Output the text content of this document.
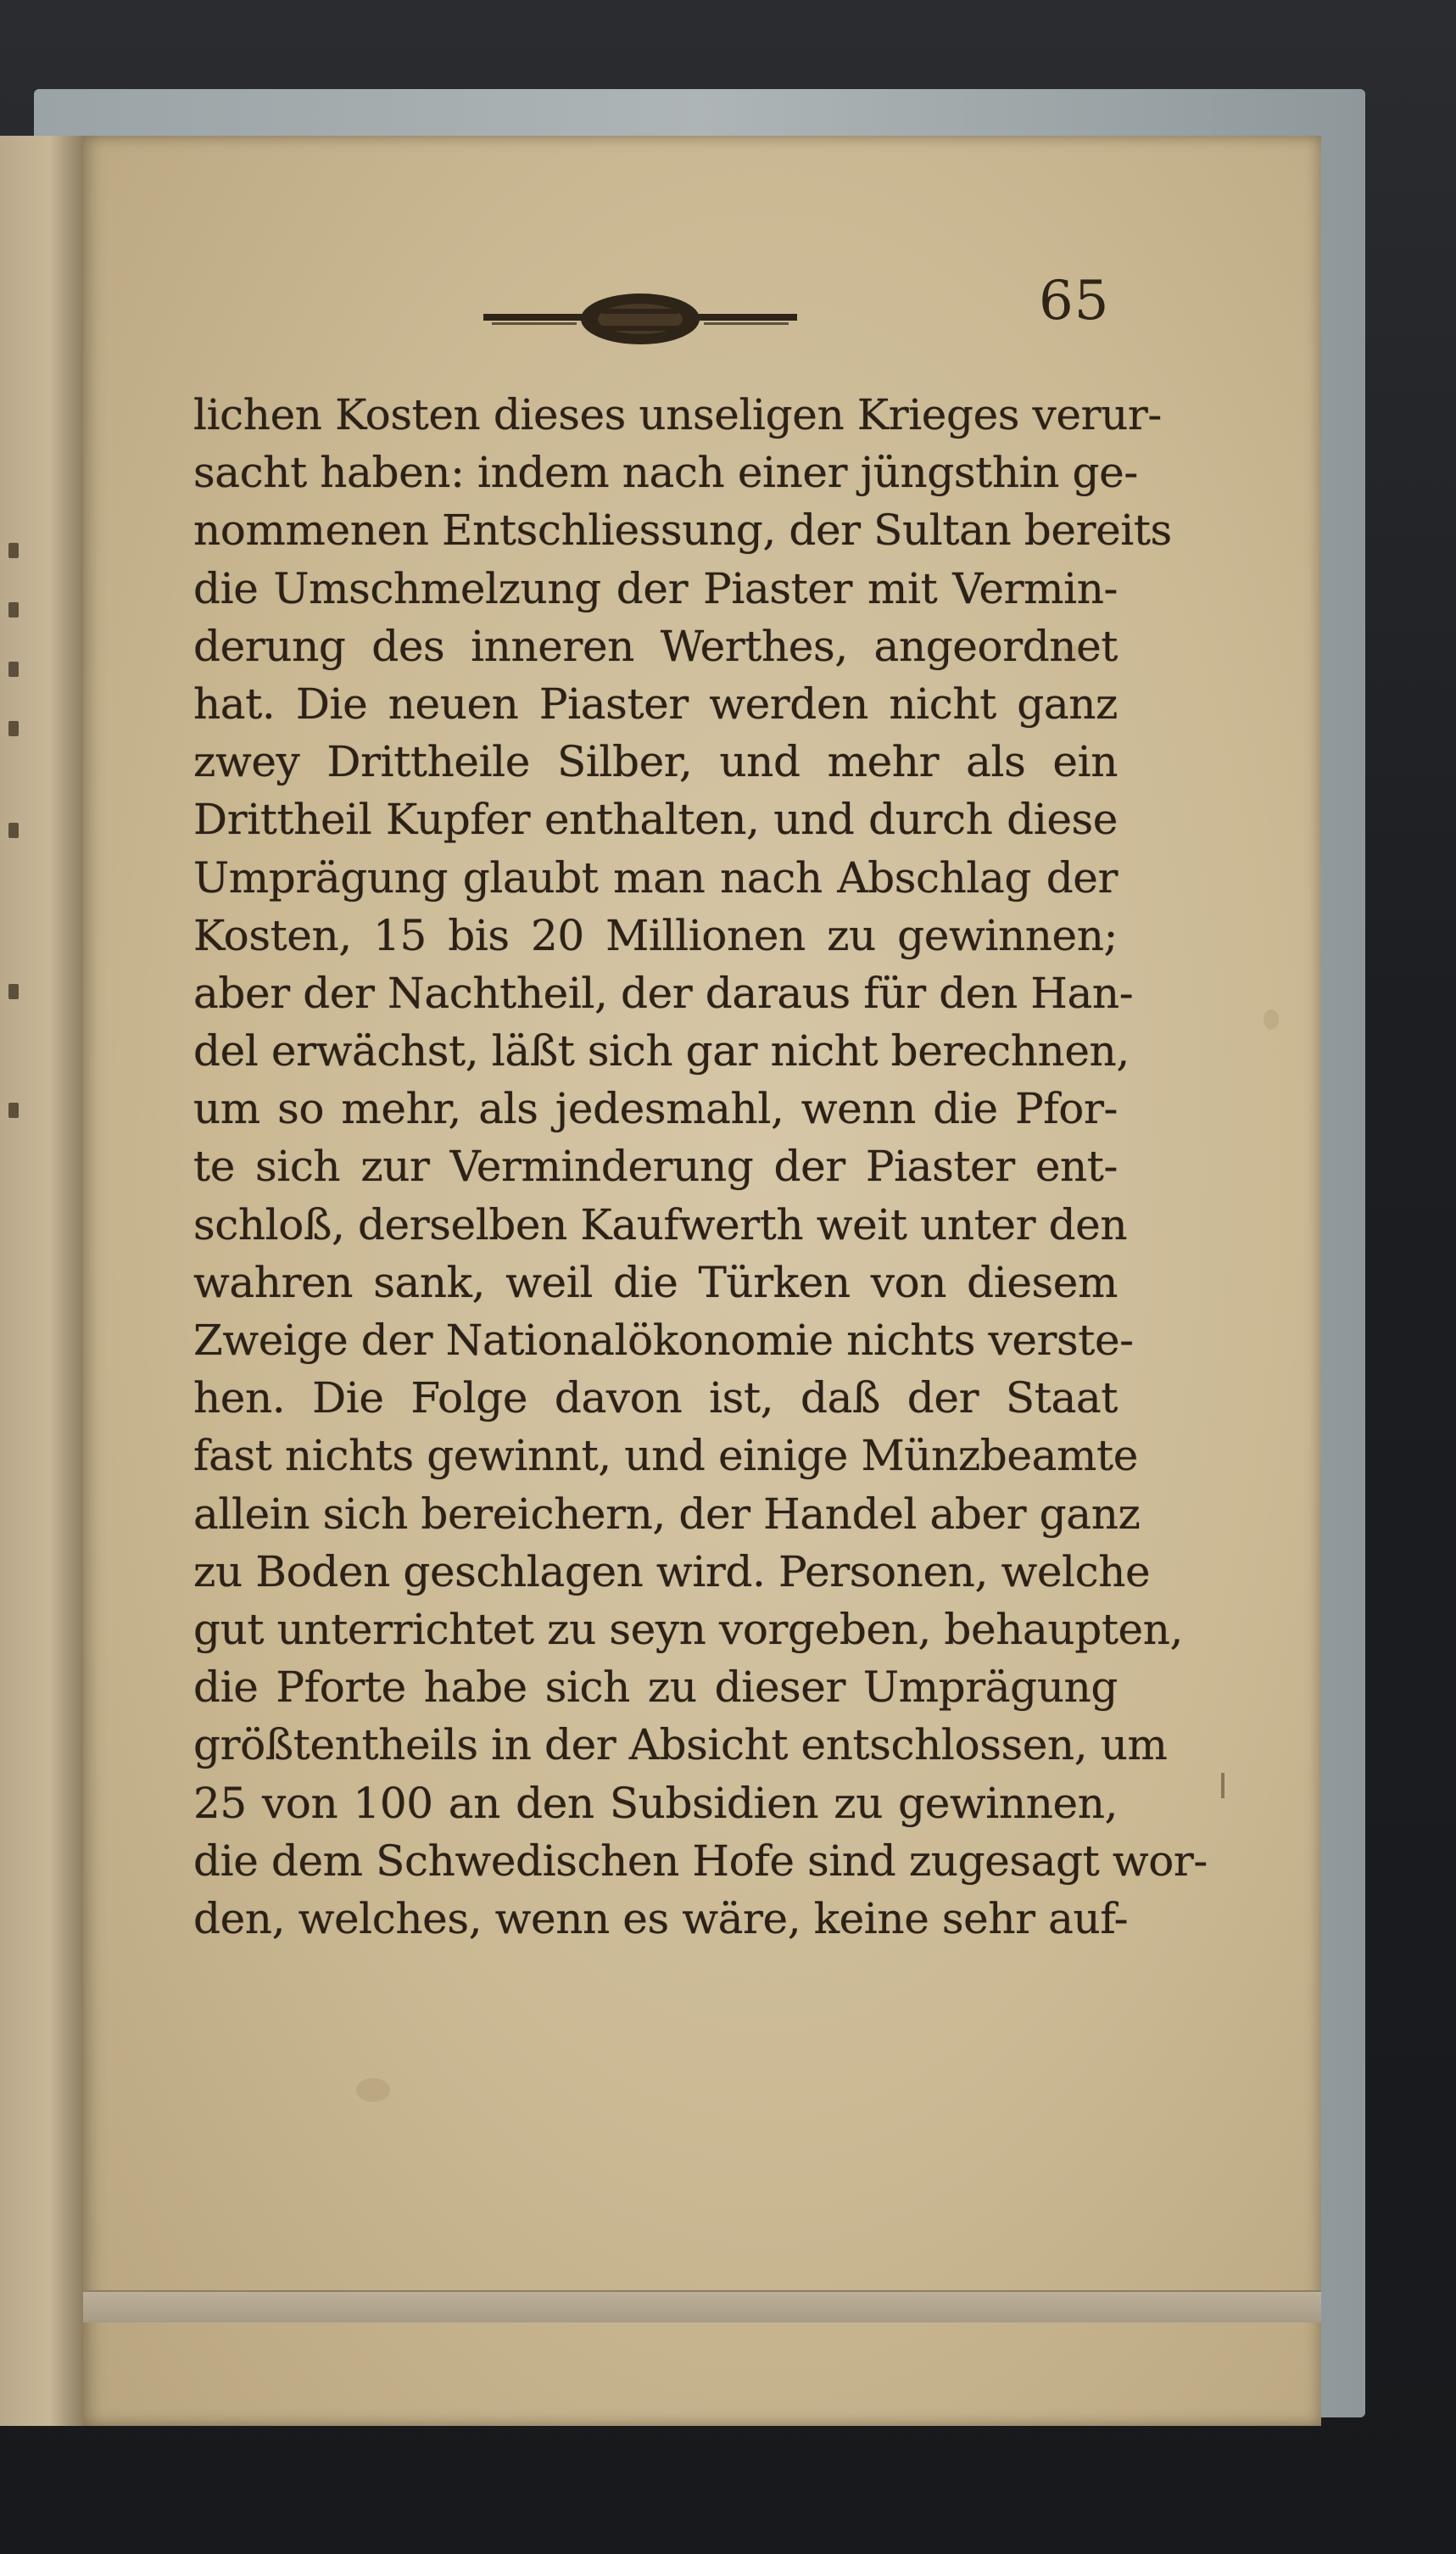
65
lichen Kosten dieses unseligen Krieges verur-
sacht haben: indem nach einer jüngsthin ge-
nommenen Entschliessung, der Sultan bereits
die Umschmelzung der Piaster mit Vermin-
derung des inneren Werthes, angeordnet
hat. Die neuen Piaster werden nicht ganz
zwey Drittheile Silber, und mehr als ein
Drittheil Kupfer enthalten, und durch diese
Umprägung glaubt man nach Abschlag der
Kosten, 15 bis 20 Millionen zu gewinnen;
aber der Nachtheil, der daraus für den Han-
del erwächst, läßt sich gar nicht berechnen,
um so mehr, als jedesmahl, wenn die Pfor-
te sich zur Verminderung der Piaster ent-
schloß, derselben Kaufwerth weit unter den
wahren sank, weil die Türken von diesem
Zweige der Nationalökonomie nichts verste-
hen. Die Folge davon ist, daß der Staat
fast nichts gewinnt, und einige Münzbeamte
allein sich bereichern, der Handel aber ganz
zu Boden geschlagen wird. Personen, welche
gut unterrichtet zu seyn vorgeben, behaupten,
die Pforte habe sich zu dieser Umprägung
größtentheils in der Absicht entschlossen, um
25 von 100 an den Subsidien zu gewinnen,
die dem Schwedischen Hofe sind zugesagt wor-
den, welches, wenn es wäre, keine sehr auf-
